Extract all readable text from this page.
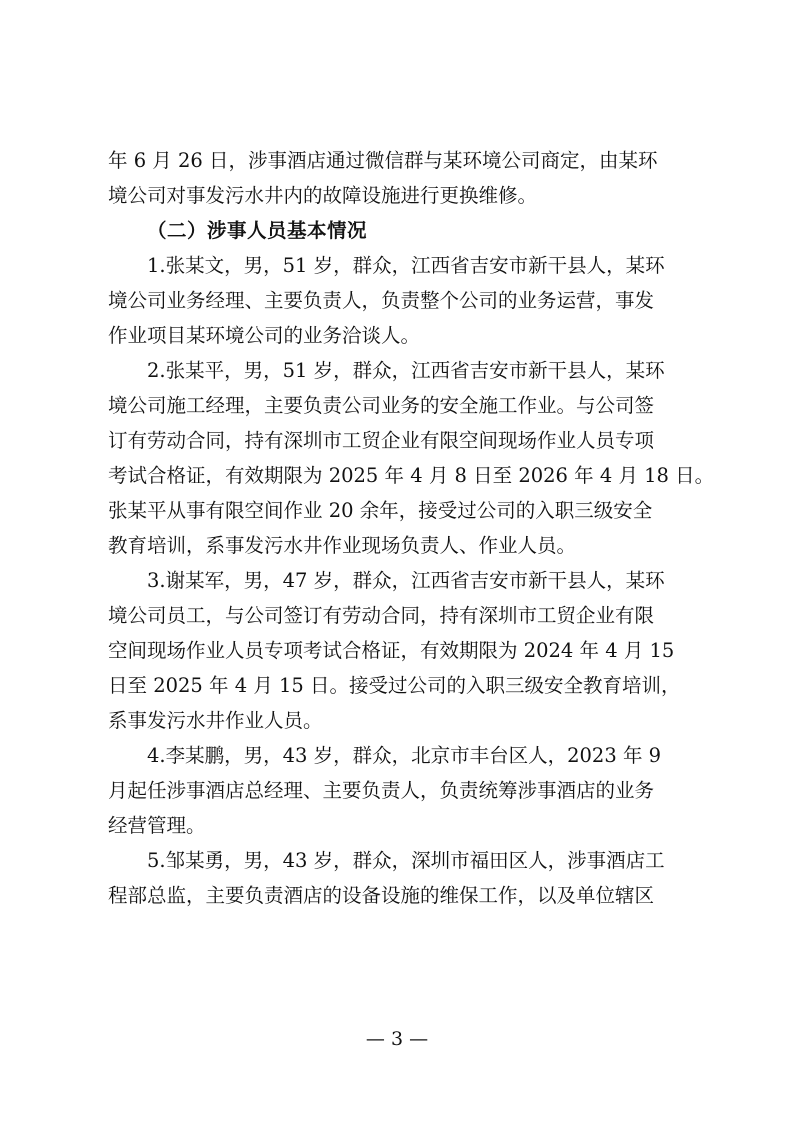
年 6 月 26 日，涉事酒店通过微信群与某环境公司商定，由某环
境公司对事发污水井内的故障设施进行更换维修。
（二）涉事人员基本情况
1.张某文，男，51 岁，群众，江西省吉安市新干县人，某环
境公司业务经理、主要负责人，负责整个公司的业务运营，事发
作业项目某环境公司的业务洽谈人。
2.张某平，男，51 岁，群众，江西省吉安市新干县人，某环
境公司施工经理，主要负责公司业务的安全施工作业。与公司签
订有劳动合同，持有深圳市工贸企业有限空间现场作业人员专项
考试合格证，有效期限为 2025 年 4 月 8 日至 2026 年 4 月 18 日。
张某平从事有限空间作业 20 余年，接受过公司的入职三级安全
教育培训，系事发污水井作业现场负责人、作业人员。
3.谢某军，男，47 岁，群众，江西省吉安市新干县人，某环
境公司员工，与公司签订有劳动合同，持有深圳市工贸企业有限
空间现场作业人员专项考试合格证，有效期限为 2024 年 4 月 15
日至 2025 年 4 月 15 日。接受过公司的入职三级安全教育培训，
系事发污水井作业人员。
4.李某鹏，男，43 岁，群众，北京市丰台区人，2023 年 9
月起任涉事酒店总经理、主要负责人，负责统筹涉事酒店的业务
经营管理。
5.邹某勇，男，43 岁，群众，深圳市福田区人，涉事酒店工
程部总监，主要负责酒店的设备设施的维保工作，以及单位辖区
— 3 —
